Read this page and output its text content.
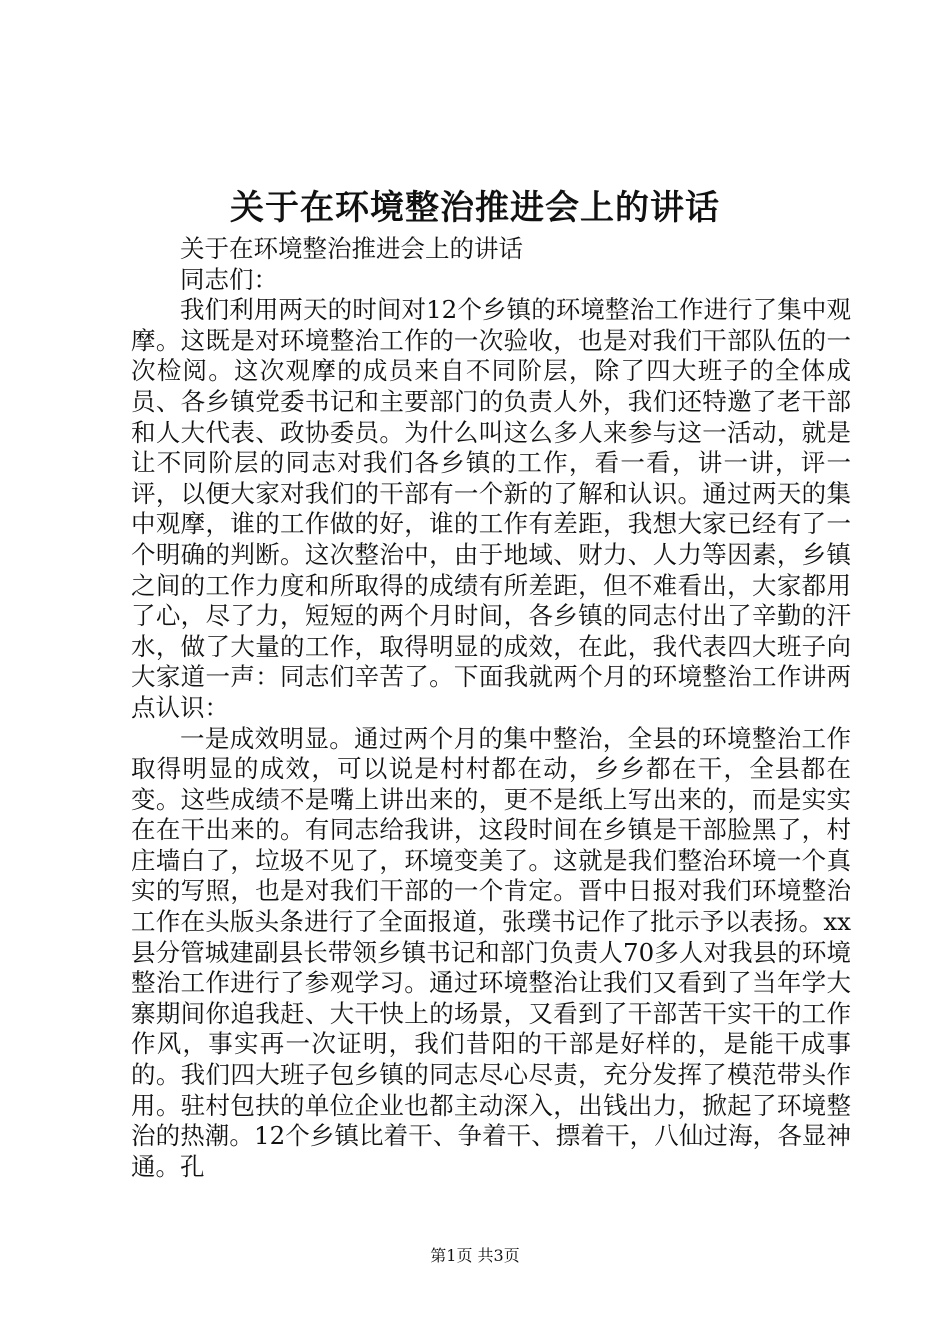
关于在环境整治推进会上的讲话

关于在环境整治推进会上的讲话

同志们：

我们利用两天的时间对12个乡镇的环境整治工作进行了集中观摩。这既是对环境整治工作的一次验收，也是对我们干部队伍的一次检阅。这次观摩的成员来自不同阶层，除了四大班子的全体成员、各乡镇党委书记和主要部门的负责人外，我们还特邀了老干部和人大代表、政协委员。为什么叫这么多人来参与这一活动，就是让不同阶层的同志对我们各乡镇的工作，看一看，讲一讲，评一评，以便大家对我们的干部有一个新的了解和认识。通过两天的集中观摩，谁的工作做的好，谁的工作有差距，我想大家已经有了一个明确的判断。这次整治中，由于地域、财力、人力等因素，乡镇之间的工作力度和所取得的成绩有所差距，但不难看出，大家都用了心，尽了力，短短的两个月时间，各乡镇的同志付出了辛勤的汗水，做了大量的工作，取得明显的成效，在此，我代表四大班子向大家道一声：同志们辛苦了。下面我就两个月的环境整治工作讲两点认识：

一是成效明显。通过两个月的集中整治，全县的环境整治工作取得明显的成效，可以说是村村都在动，乡乡都在干，全县都在变。这些成绩不是嘴上讲出来的，更不是纸上写出来的，而是实实在在干出来的。有同志给我讲，这段时间在乡镇是干部脸黑了，村庄墙白了，垃圾不见了，环境变美了。这就是我们整治环境一个真实的写照，也是对我们干部的一个肯定。晋中日报对我们环境整治工作在头版头条进行了全面报道，张璞书记作了批示予以表扬。xx县分管城建副县长带领乡镇书记和部门负责人70多人对我县的环境整治工作进行了参观学习。通过环境整治让我们又看到了当年学大寨期间你追我赶、大干快上的场景，又看到了干部苦干实干的工作作风，事实再一次证明，我们昔阳的干部是好样的，是能干成事的。我们四大班子包乡镇的同志尽心尽责，充分发挥了模范带头作用。驻村包扶的单位企业也都主动深入，出钱出力，掀起了环境整治的热潮。12个乡镇比着干、争着干、摽着干，八仙过海，各显神通。孔

第1页 共3页
